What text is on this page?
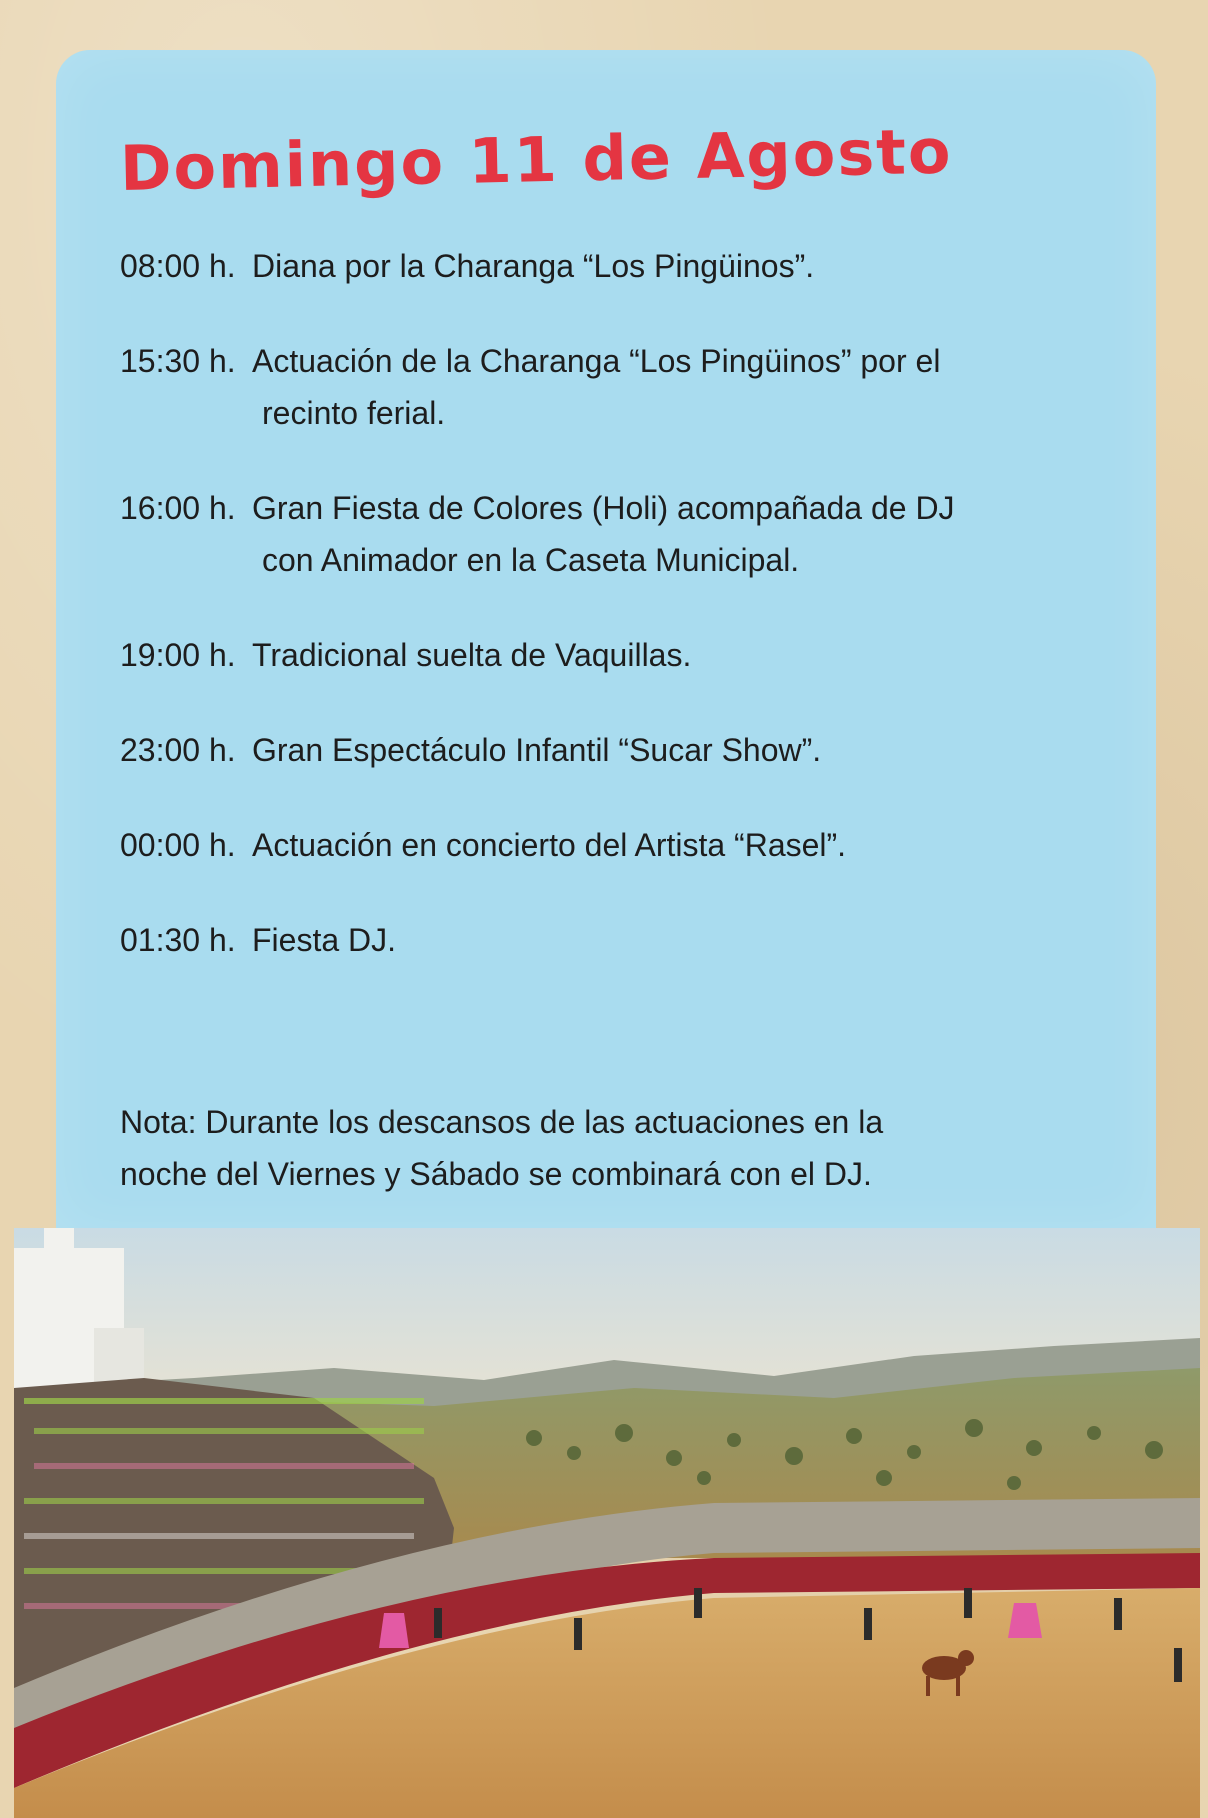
Domingo 11 de Agosto
08:00 h. Diana por la Charanga “Los Pingüinos”.
15:30 h. Actuación de la Charanga “Los Pingüinos” por el
recinto ferial.
16:00 h. Gran Fiesta de Colores (Holi) acompañada de DJ
con Animador en la Caseta Municipal.
19:00 h. Tradicional suelta de Vaquillas.
23:00 h. Gran Espectáculo Infantil “Sucar Show”.
00:00 h. Actuación en concierto del Artista “Rasel”.
01:30 h. Fiesta DJ.

Nota: Durante los descansos de las actuaciones en la
noche del Viernes y Sábado se combinará con el DJ.
